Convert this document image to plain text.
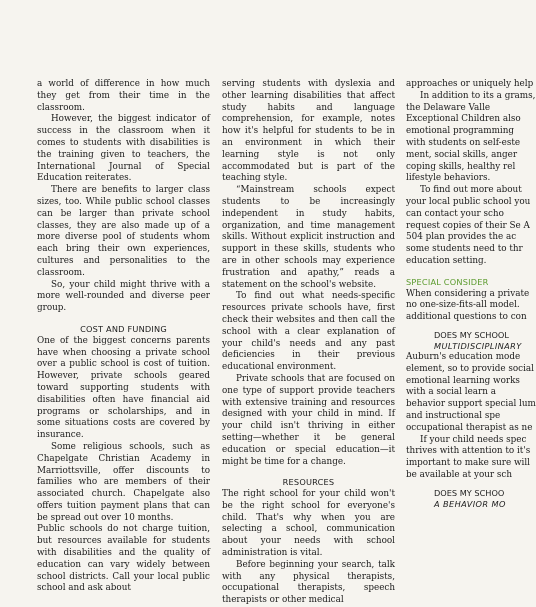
a world of difference in how much they get from their time in the classroom.

However, the biggest indicator of success in the classroom when it comes to students with disabilities is the training given to teachers, the International Journal of Special Education reiterates.

There are benefits to larger class sizes, too. While public school classes can be larger than private school classes, they are also made up of a more diverse pool of students whom each bring their own experiences, cultures and personalities to the classroom.

So, your child might thrive with a more well-rounded and diverse peer group.

COST AND FUNDING

One of the biggest concerns parents have when choosing a private school over a public school is cost of tuition. However, private schools geared toward supporting students with disabilities often have financial aid programs or scholarships, and in some situations costs are covered by insurance.

Some religious schools, such as Chapelgate Christian Academy in Marriottsville, offer discounts to families who are members of their associated church. Chapelgate also offers tuition payment plans that can be spread out over 10 months.

Public schools do not charge tuition, but resources available for students with disabilities and the quality of education can vary widely between school districts. Call your local public school and ask about

serving students with dyslexia and other learning disabilities that affect study habits and language comprehension, for example, notes how it's helpful for students to be in an environment in which their learning style is not only accommodated but is part of the teaching style.

“Mainstream schools expect students to be increasingly independent in study habits, organization, and time management skills. Without explicit instruction and support in these skills, students who are in other schools may experience frustration and apathy,” reads a statement on the school's website.

To find out what needs-specific resources private schools have, first check their websites and then call the school with a clear explanation of your child's needs and any past deficiencies in their previous educational environment.

Private schools that are focused on one type of support provide teachers with extensive training and resources designed with your child in mind. If your child isn't thriving in either setting—whether it be general education or special education—it might be time for a change.

RESOURCES

The right school for your child won't be the right school for everyone's child. That's why when you are selecting a school, communication about your needs with school administration is vital.

Before beginning your search, talk with any physical therapists, occupational therapists, speech therapists or other medical

approaches or uniquely help

In addition to its a grams, the Delaware Valle Exceptional Children also emotional programming with students on self-este ment, social skills, anger coping skills, healthy rel lifestyle behaviors.

To find out more about your local public school you can contact your scho request copies of their Se A 504 plan provides the ac some students need to thr education setting.

SPECIAL CONSIDER

When considering a private no one-size-fits-all model. additional questions to con

DOES MY SCHOOL
MULTIDISCIPLINARY

Auburn's education mode element, so to provide social emotional learning works with a social learn a behavior support special lum and instructional spe occupational therapist as ne

If your child needs spec thrives with attention to it's important to make sure will be available at your sch

DOES MY SCHOO
A BEHAVIOR MO
